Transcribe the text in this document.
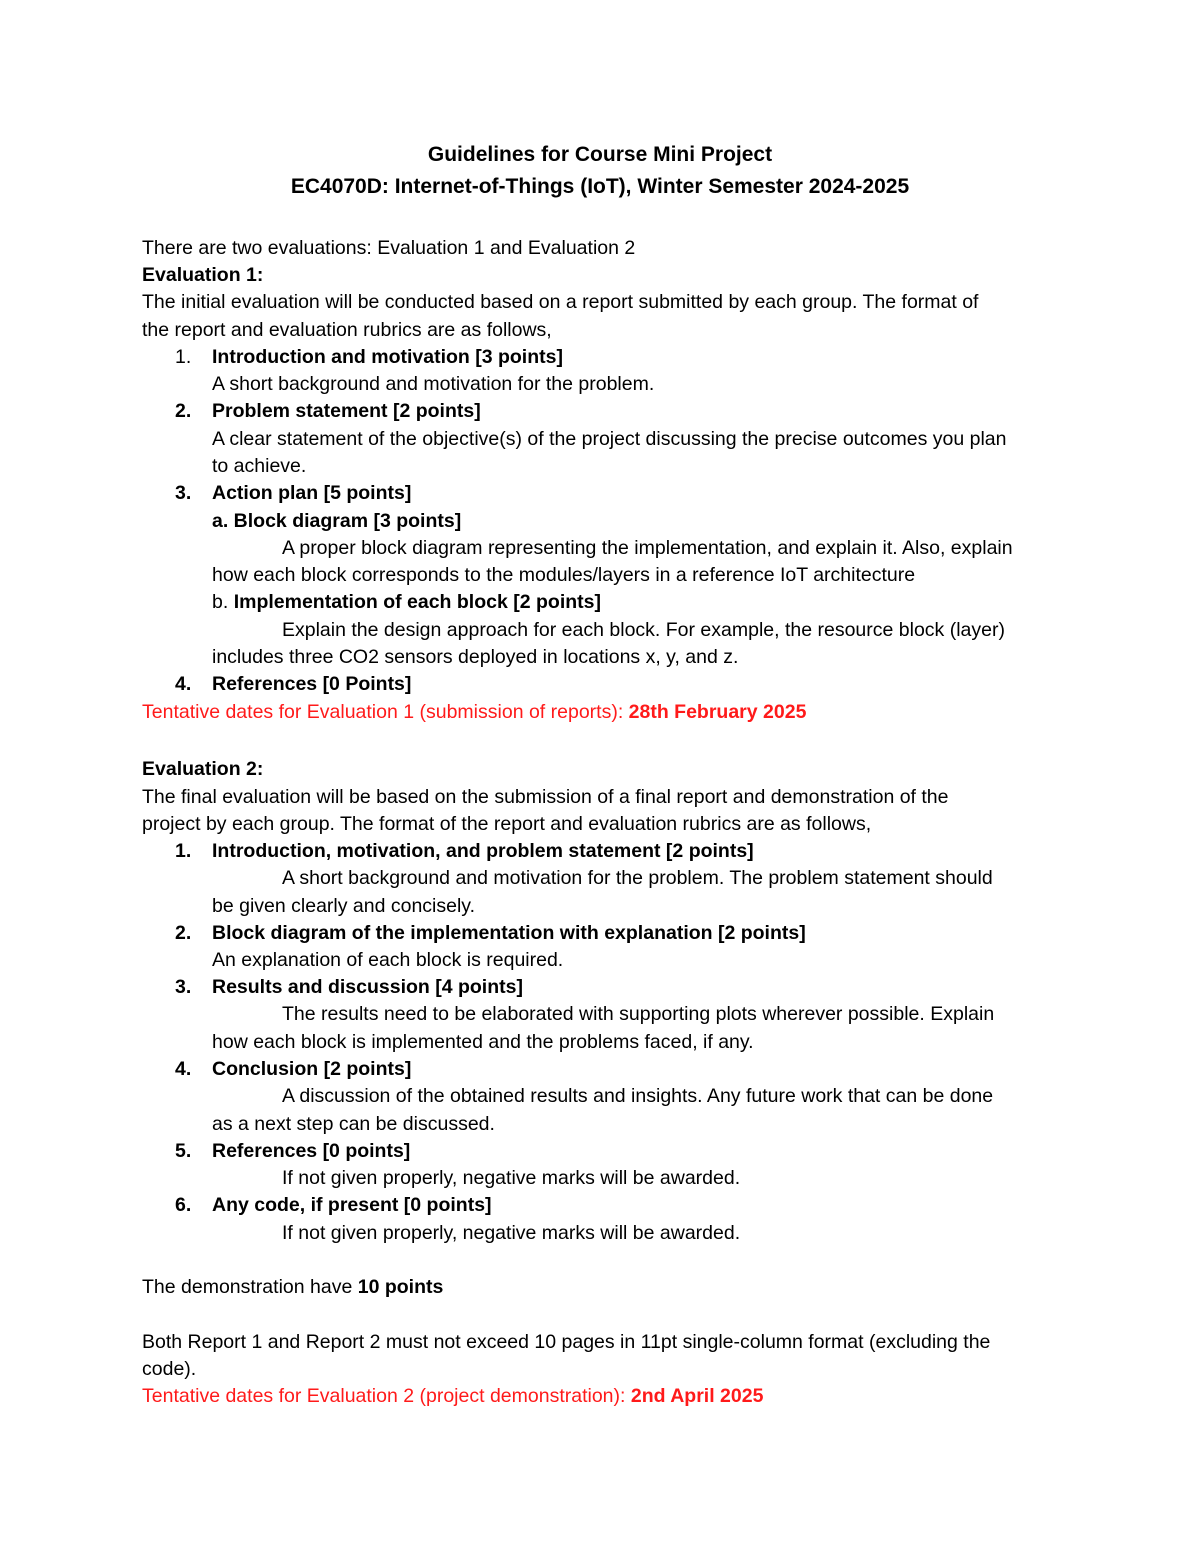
Guidelines for Course Mini Project
EC4070D: Internet-of-Things (IoT), Winter Semester 2024-2025
There are two evaluations: Evaluation 1 and Evaluation 2
Evaluation 1:
The initial evaluation will be conducted based on a report submitted by each group. The format of
the report and evaluation rubrics are as follows,
1. Introduction and motivation [3 points]
A short background and motivation for the problem.
2. Problem statement [2 points]
A clear statement of the objective(s) of the project discussing the precise outcomes you plan
to achieve.
3. Action plan [5 points]
a. Block diagram [3 points]
A proper block diagram representing the implementation, and explain it. Also, explain
how each block corresponds to the modules/layers in a reference IoT architecture
b. Implementation of each block [2 points]
Explain the design approach for each block. For example, the resource block (layer)
includes three CO2 sensors deployed in locations x, y, and z.
4. References [0 Points]
Tentative dates for Evaluation 1 (submission of reports): 28th February 2025
Evaluation 2:
The final evaluation will be based on the submission of a final report and demonstration of the
project by each group. The format of the report and evaluation rubrics are as follows,
1. Introduction, motivation, and problem statement [2 points]
A short background and motivation for the problem. The problem statement should
be given clearly and concisely.
2. Block diagram of the implementation with explanation [2 points]
An explanation of each block is required.
3. Results and discussion [4 points]
The results need to be elaborated with supporting plots wherever possible. Explain
how each block is implemented and the problems faced, if any.
4. Conclusion [2 points]
A discussion of the obtained results and insights. Any future work that can be done
as a next step can be discussed.
5. References [0 points]
If not given properly, negative marks will be awarded.
6. Any code, if present [0 points]
If not given properly, negative marks will be awarded.
The demonstration have 10 points
Both Report 1 and Report 2 must not exceed 10 pages in 11pt single-column format (excluding the
code).
Tentative dates for Evaluation 2 (project demonstration): 2nd April 2025
